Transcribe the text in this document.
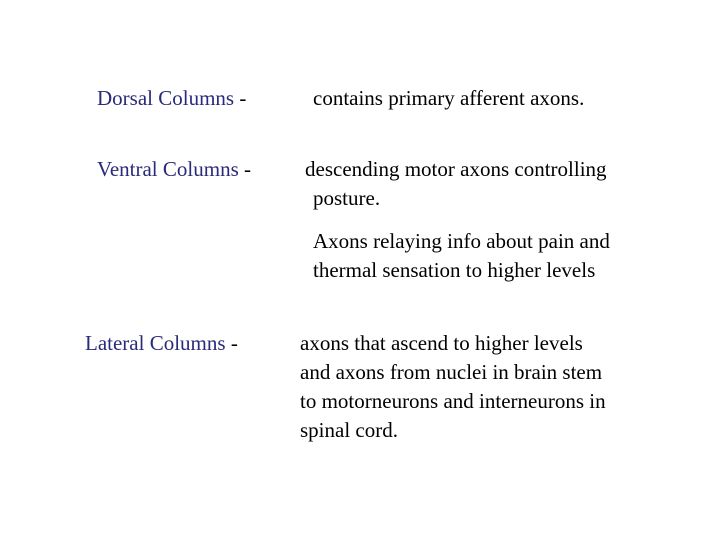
Dorsal Columns -	contains primary afferent axons.

Ventral Columns -	descending motor axons controlling
posture.

Axons relaying info about pain and
thermal sensation to higher levels

Lateral Columns -	axons that ascend to higher levels
and axons from nuclei in brain stem
to motorneurons and interneurons in
spinal cord.
